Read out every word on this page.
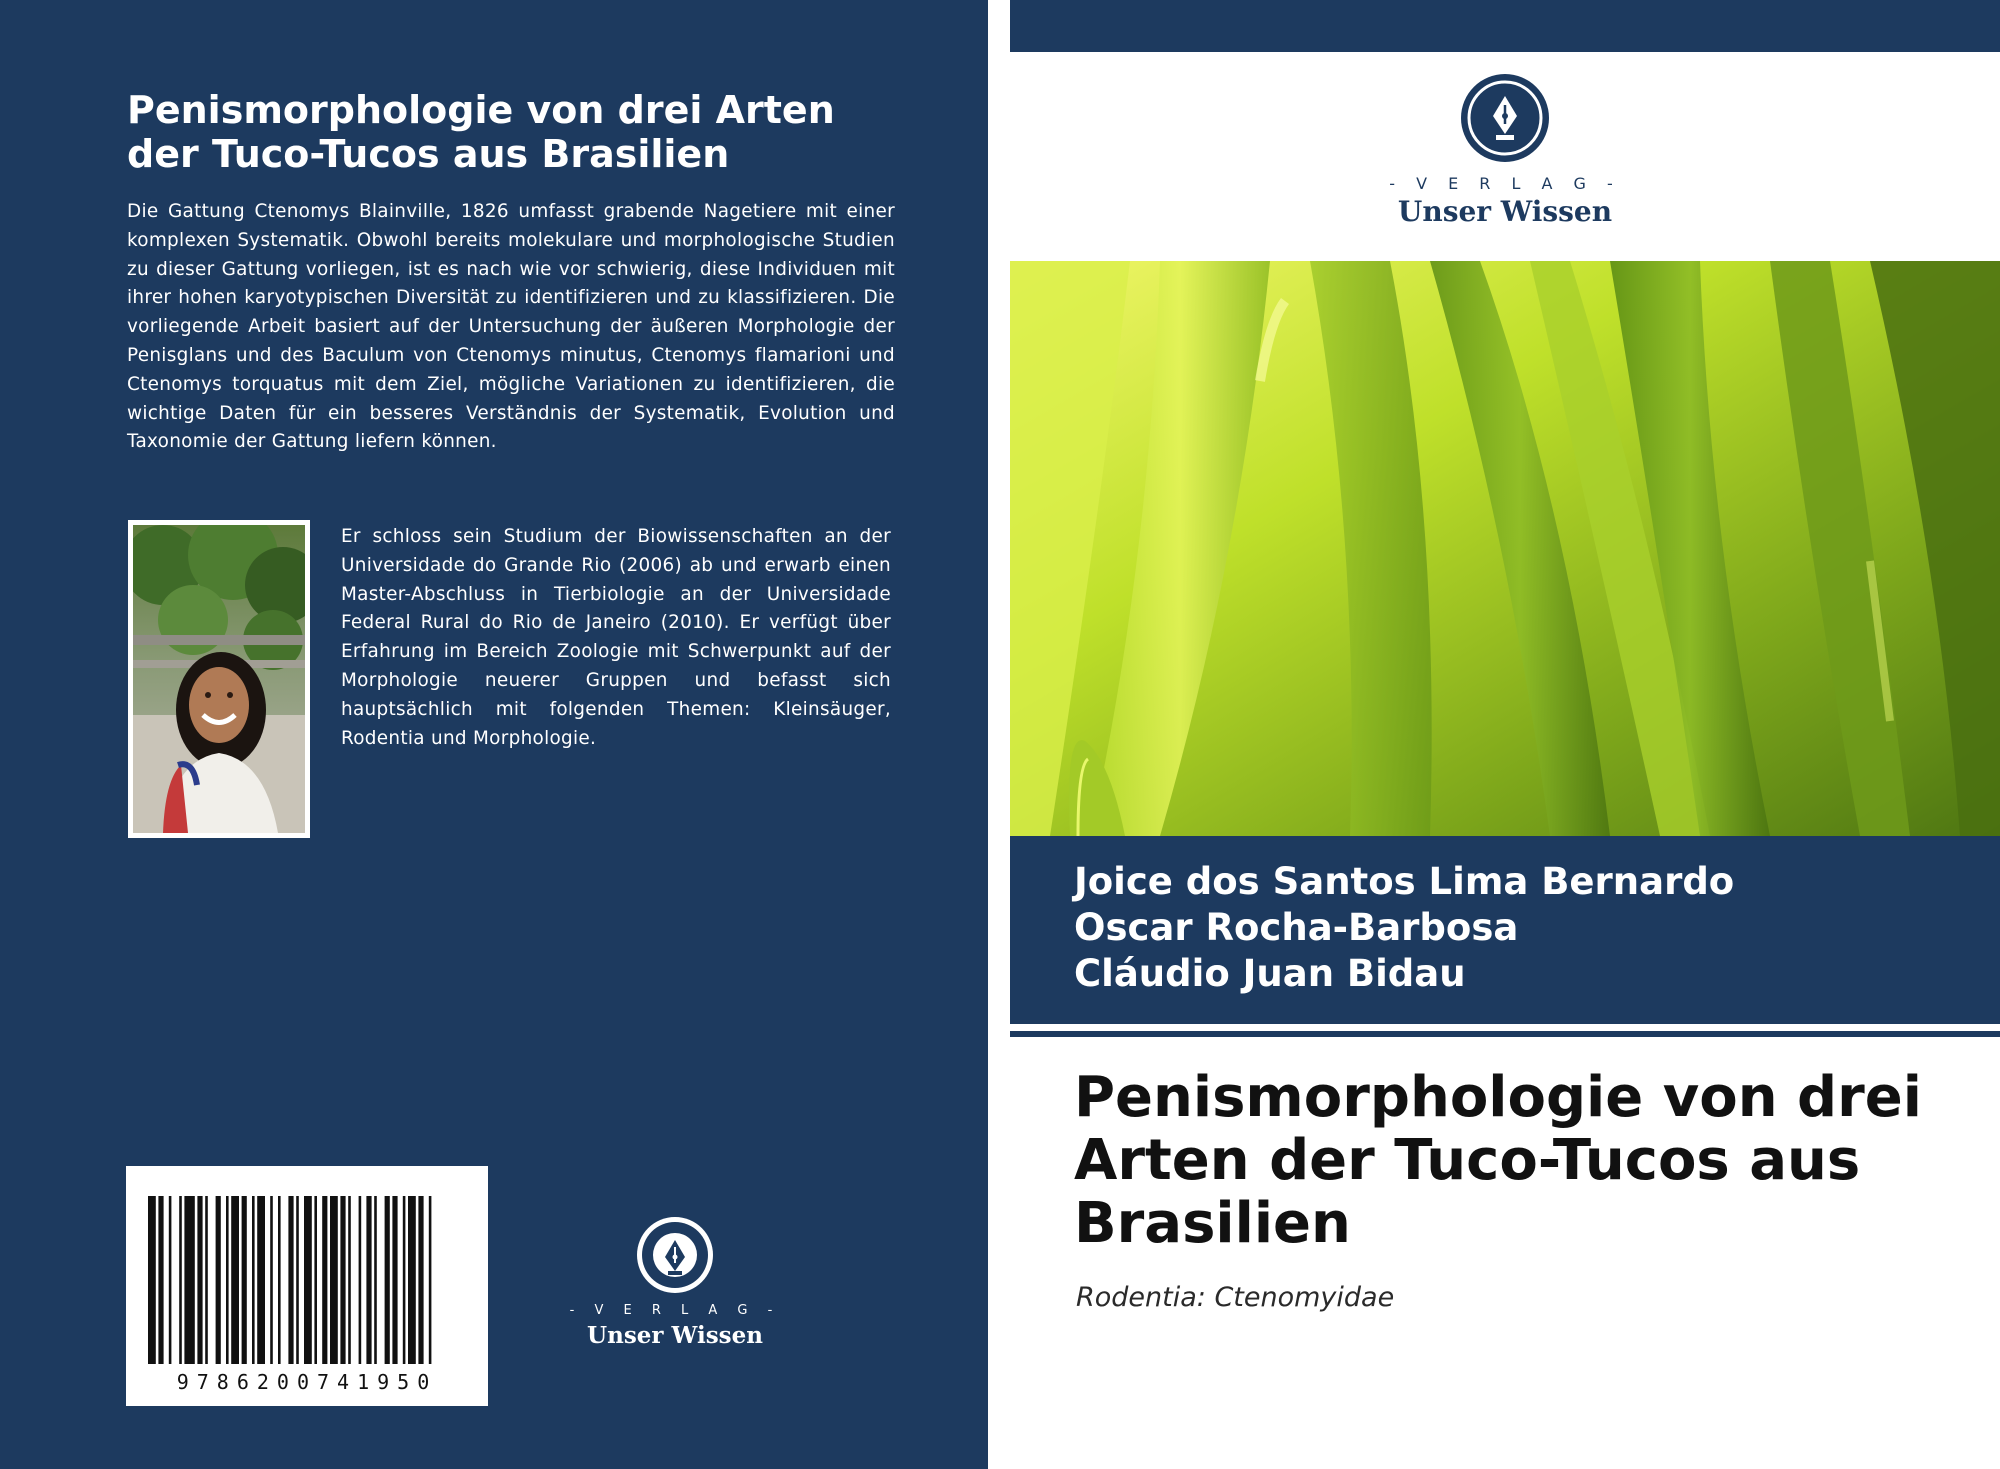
Penismorphologie von drei Arten der Tuco-Tucos aus Brasilien

Die Gattung Ctenomys Blainville, 1826 umfasst grabende Nagetiere mit einer komplexen Systematik. Obwohl bereits molekulare und morphologische Studien zu dieser Gattung vorliegen, ist es nach wie vor schwierig, diese Individuen mit ihrer hohen karyotypischen Diversität zu identifizieren und zu klassifizieren. Die vorliegende Arbeit basiert auf der Untersuchung der äußeren Morphologie der Penisglans und des Baculum von Ctenomys minutus, Ctenomys flamarioni und Ctenomys torquatus mit dem Ziel, mögliche Variationen zu identifizieren, die wichtige Daten für ein besseres Verständnis der Systematik, Evolution und Taxonomie der Gattung liefern können.

Er schloss sein Studium der Biowissenschaften an der Universidade do Grande Rio (2006) ab und erwarb einen Master-Abschluss in Tierbiologie an der Universidade Federal Rural do Rio de Janeiro (2010). Er verfügt über Erfahrung im Bereich Zoologie mit Schwerpunkt auf der Morphologie neuerer Gruppen und befasst sich hauptsächlich mit folgenden Themen: Kleinsäuger, Rodentia und Morphologie.

9786200741950
- V E R L A G -
Unser Wissen
- V E R L A G -
Unser Wissen
Joice dos Santos Lima Bernardo
Oscar Rocha-Barbosa
Cláudio Juan Bidau
Penismorphologie von drei Arten der Tuco-Tucos aus Brasilien
Rodentia: Ctenomyidae
